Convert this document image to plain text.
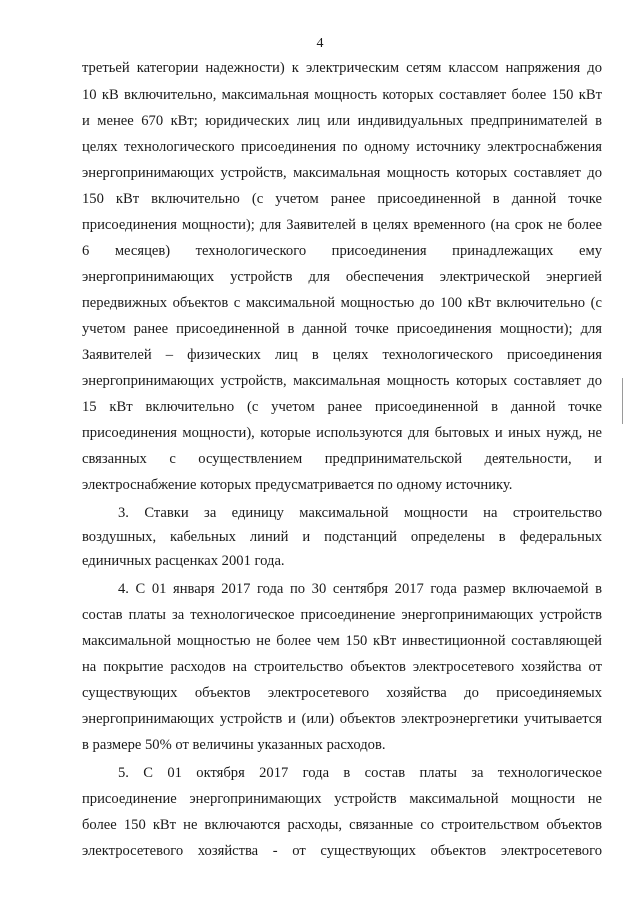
4
третьей категории надежности) к электрическим сетям классом напряжения до
10 кВ включительно, максимальная мощность которых составляет более 150 кВт
и менее 670 кВт; юридических лиц или индивидуальных предпринимателей в
целях технологического присоединения по одному источнику электроснабжения
энергопринимающих устройств, максимальная мощность которых составляет до
150 кВт включительно (с учетом ранее присоединенной в данной точке
присоединения мощности); для Заявителей в целях временного (на срок не более
6 месяцев) технологического присоединения принадлежащих ему
энергопринимающих устройств для обеспечения электрической энергией
передвижных объектов с максимальной мощностью до 100 кВт включительно (с
учетом ранее присоединенной в данной точке присоединения мощности); для
Заявителей – физических лиц в целях технологического присоединения
энергопринимающих устройств, максимальная мощность которых составляет до
15 кВт включительно (с учетом ранее присоединенной в данной точке
присоединения мощности), которые используются для бытовых и иных нужд, не
связанных с осуществлением предпринимательской деятельности, и
электроснабжение которых предусматривается по одному источнику.
3. Ставки за единицу максимальной мощности на строительство
воздушных, кабельных линий и подстанций определены в федеральных
единичных расценках 2001 года.
4. С 01 января 2017 года по 30 сентября 2017 года размер включаемой в
состав платы за технологическое присоединение энергопринимающих устройств
максимальной мощностью не более чем 150 кВт инвестиционной составляющей
на покрытие расходов на строительство объектов электросетевого хозяйства от
существующих объектов электросетевого хозяйства до присоединяемых
энергопринимающих устройств и (или) объектов электроэнергетики учитывается
в размере 50% от величины указанных расходов.
5. С 01 октября 2017 года в состав платы за технологическое
присоединение энергопринимающих устройств максимальной мощности не
более 150 кВт не включаются расходы, связанные со строительством объектов
электросетевого хозяйства - от существующих объектов электросетевого
